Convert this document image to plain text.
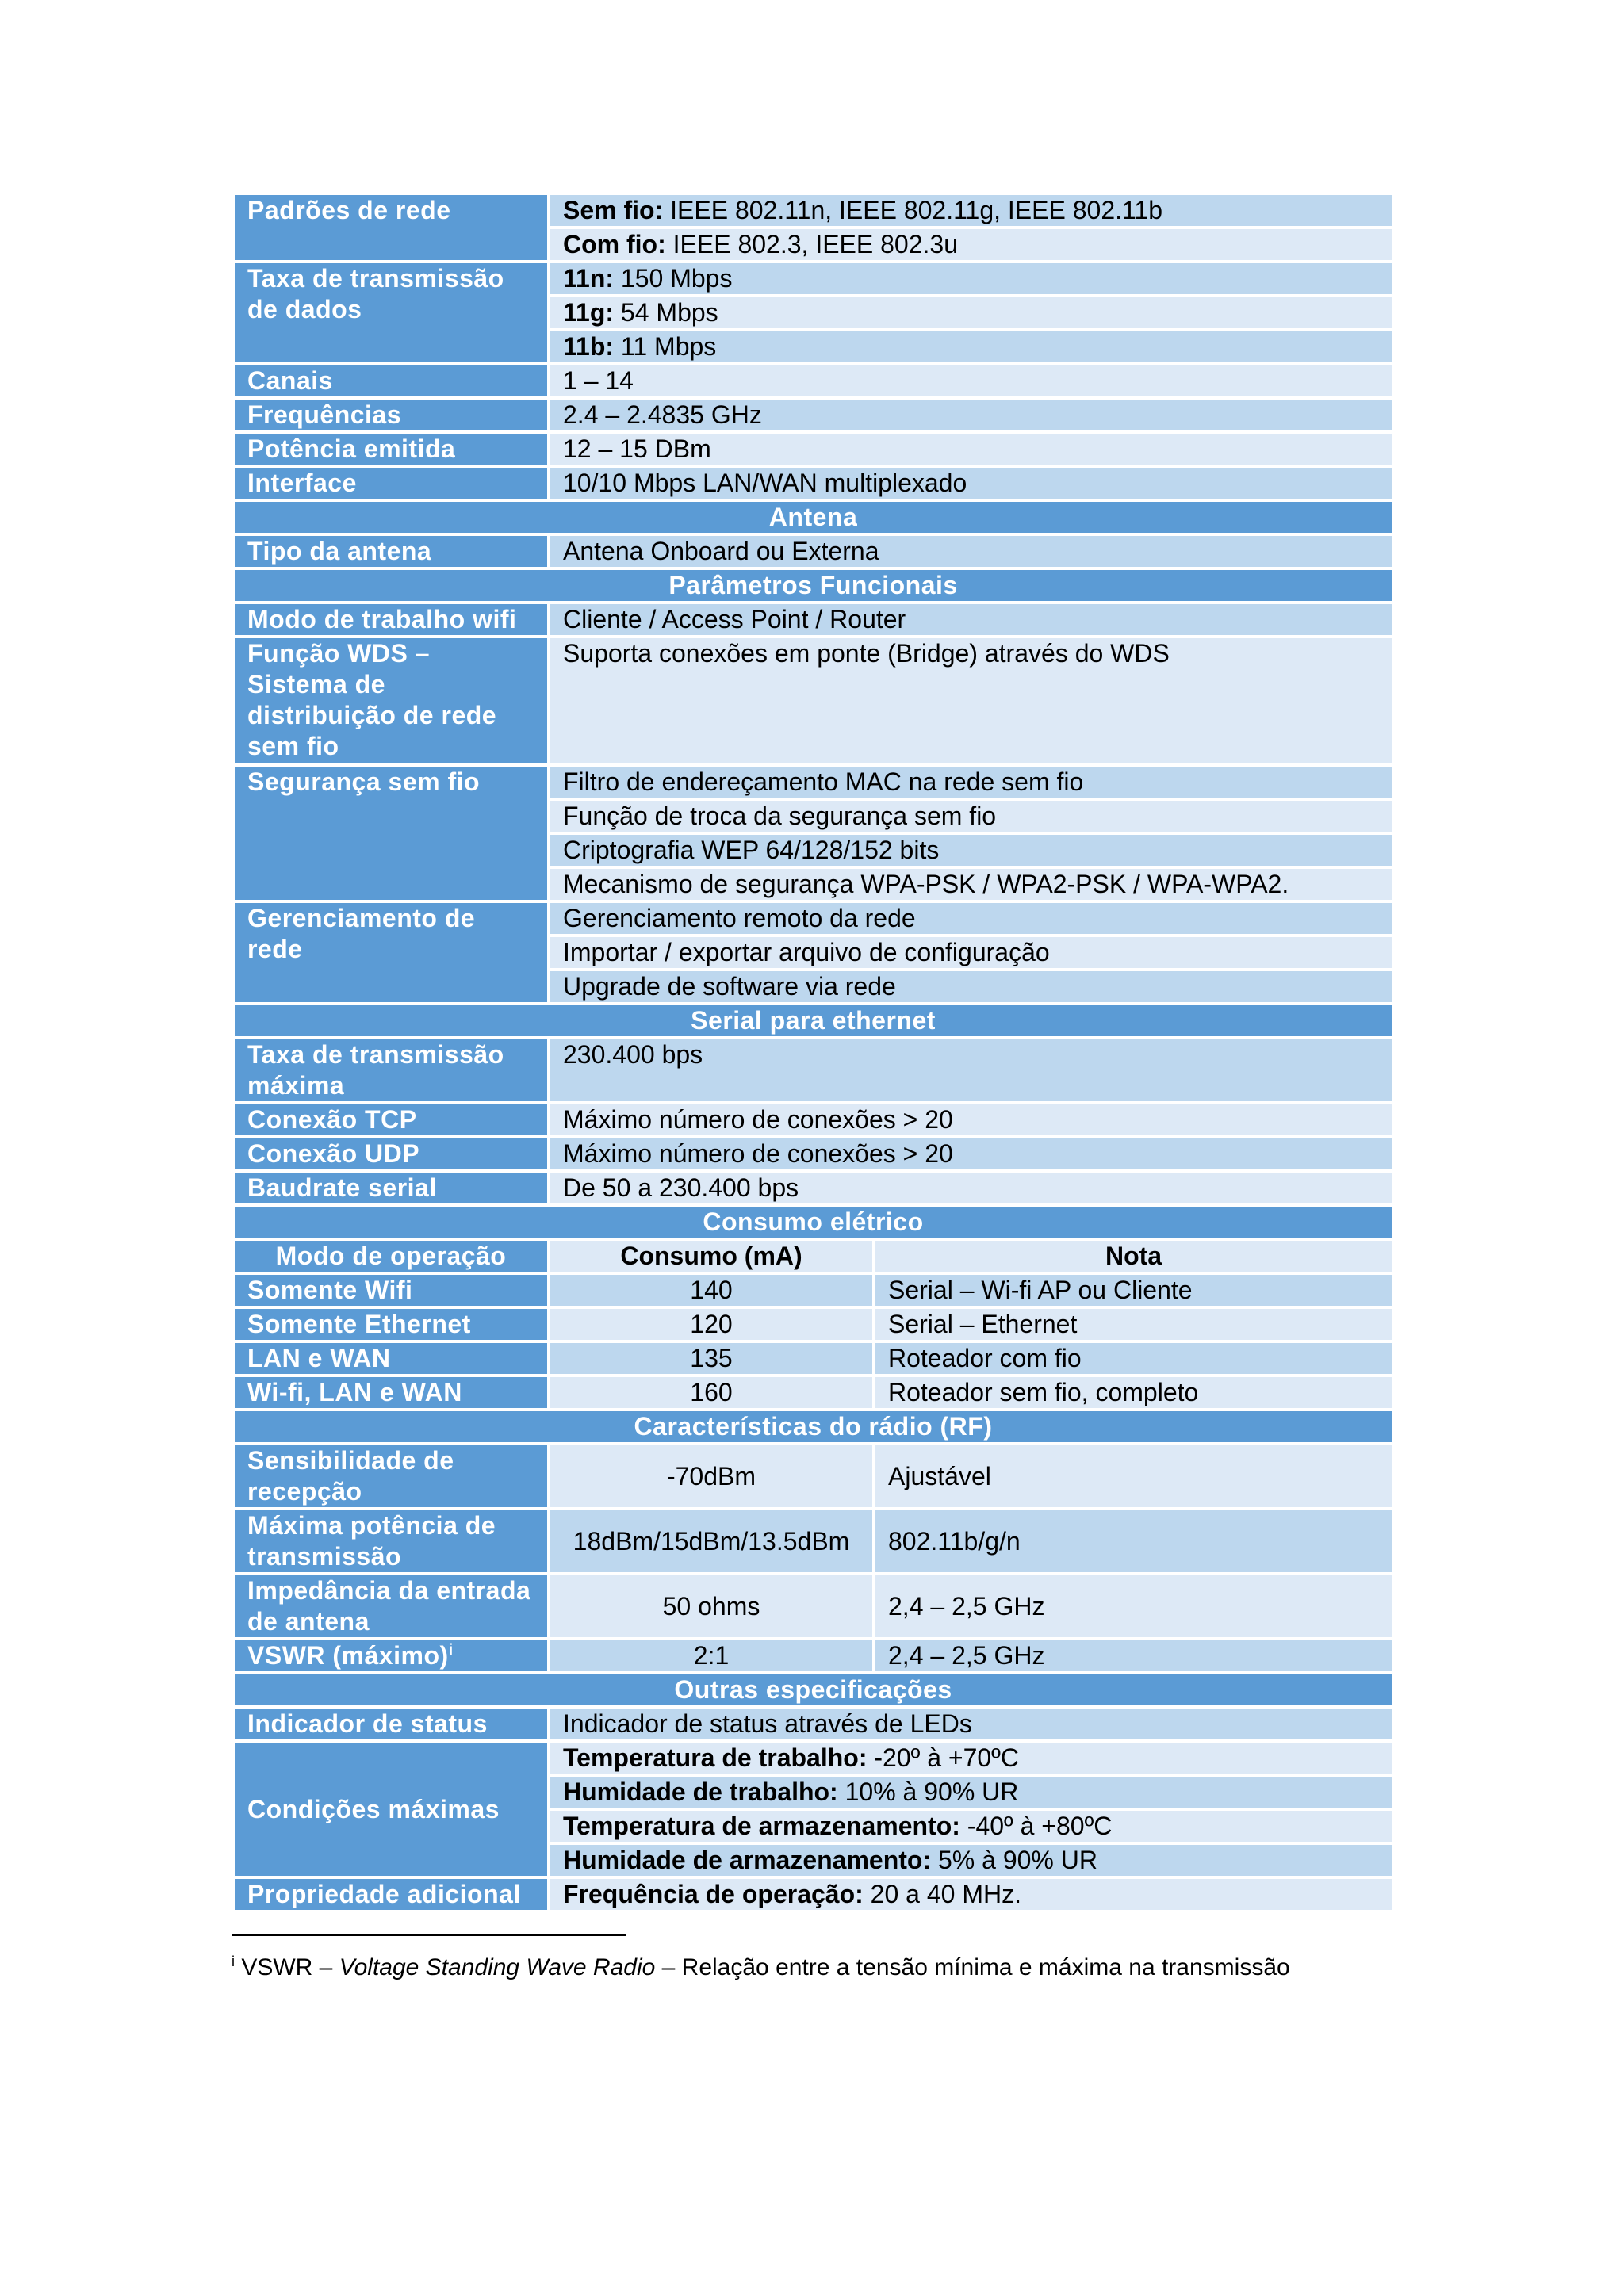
Padrões de rede	Sem fio: IEEE 802.11n, IEEE 802.11g, IEEE 802.11b	
	Com fio: IEEE 802.3, IEEE 802.3u	
Taxa de transmissão de dados	11n: 150 Mbps	
	11g: 54 Mbps	
	11b: 11 Mbps	
Canais	1 – 14	
Frequências	2.4 – 2.4835 GHz	
Potência emitida	12 – 15 DBm	
Interface	10/10 Mbps LAN/WAN multiplexado	
Antena		
Tipo da antena	Antena Onboard ou Externa	
Parâmetros Funcionais		
Modo de trabalho wifi	Cliente / Access Point / Router	
Função WDS – Sistema de distribuição de rede sem fio	Suporta conexões em ponte (Bridge) através do WDS	
Segurança sem fio	Filtro de endereçamento MAC na rede sem fio	
	Função de troca da segurança sem fio	
	Criptografia WEP 64/128/152 bits	
	Mecanismo de segurança WPA-PSK / WPA2-PSK / WPA-WPA2.	
Gerenciamento de rede	Gerenciamento remoto da rede	
	Importar / exportar arquivo de configuração	
	Upgrade de software via rede	
Serial para ethernet		
Taxa de transmissão máxima	230.400 bps	
Conexão TCP	Máximo número de conexões > 20	
Conexão UDP	Máximo número de conexões > 20	
Baudrate serial	De 50 a 230.400 bps	
Consumo elétrico		
Modo de operação	Consumo (mA)	Nota
Somente Wifi	140	Serial – Wi-fi AP ou Cliente
Somente Ethernet	120	Serial – Ethernet
LAN e WAN	135	Roteador com fio
Wi-fi, LAN e WAN	160	Roteador sem fio, completo
Características do rádio (RF)		
Sensibilidade de recepção	-70dBm	Ajustável
Máxima potência de transmissão	18dBm/15dBm/13.5dBm	802.11b/g/n
Impedância da entrada de antena	50 ohms	2,4 – 2,5 GHz
VSWR (máximo)$^i$	2:1	2,4 – 2,5 GHz
Outras especificações		
Indicador de status	Indicador de status através de LEDs	
Condições máximas	Temperatura de trabalho: -20º à +70ºC	
	Humidade de trabalho: 10% à 90% UR	
	Temperatura de armazenamento: -40º à +80ºC	
	Humidade de armazenamento: 5% à 90% UR	
Propriedade adicional	Frequência de operação: 20 a 40 MHz.	
$^i$ VSWR – Voltage Standing Wave Radio – Relação entre a tensão mínima e máxima na transmissão
